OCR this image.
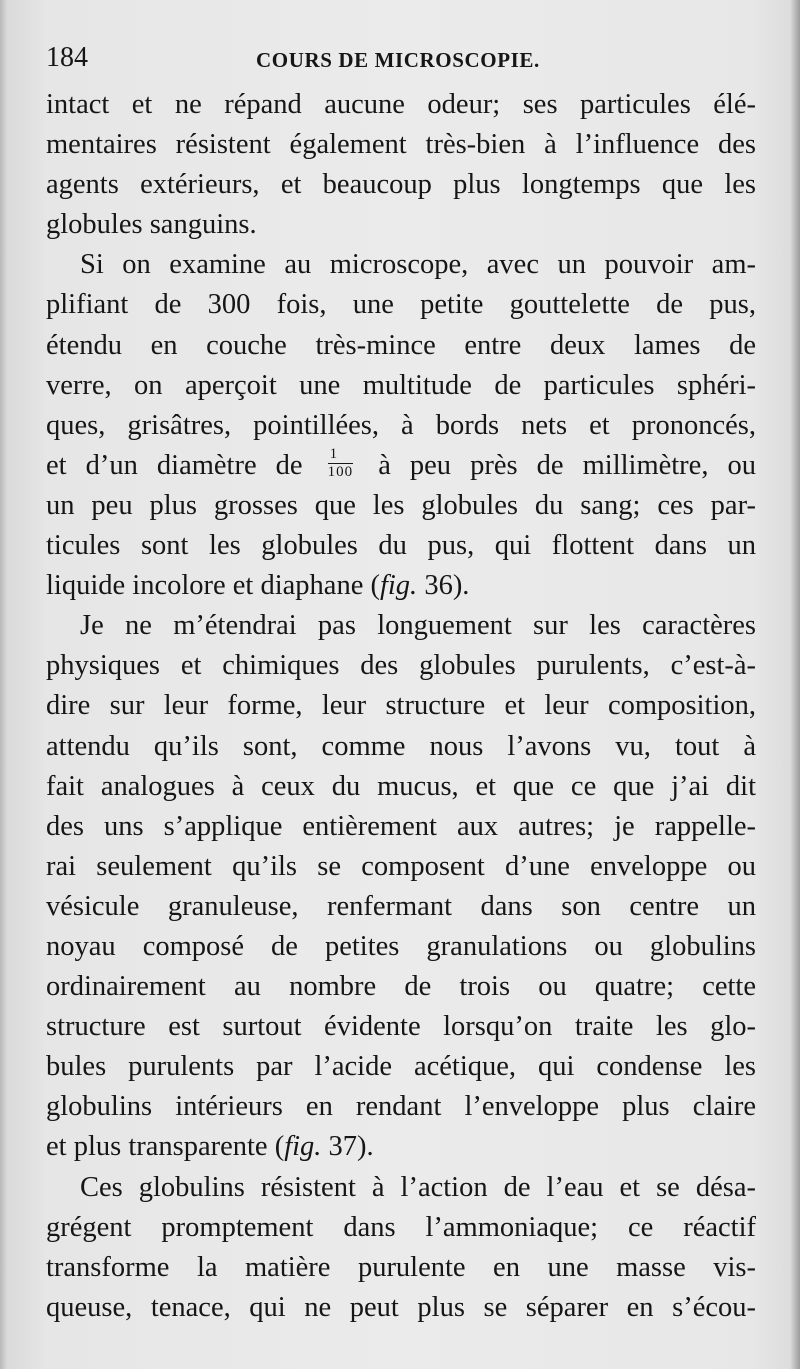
184	COURS DE MICROSCOPIE.
intact et ne répand aucune odeur; ses particules élé-
mentaires résistent également très-bien à l’influence des
agents extérieurs, et beaucoup plus longtemps que les
globules sanguins.
Si on examine au microscope, avec un pouvoir am-
plifiant de 300 fois, une petite gouttelette de pus,
étendu en couche très-mince entre deux lames de
verre, on aperçoit une multitude de particules sphéri-
ques, grisâtres, pointillées, à bords nets et prononcés,
et d’un diamètre de $\frac{1}{100}$ à peu près de millimètre, ou
un peu plus grosses que les globules du sang; ces par-
ticules sont les globules du pus, qui flottent dans un
liquide incolore et diaphane (fig. 36).
Je ne m’étendrai pas longuement sur les caractères
physiques et chimiques des globules purulents, c’est-à-
dire sur leur forme, leur structure et leur composition,
attendu qu’ils sont, comme nous l’avons vu, tout à
fait analogues à ceux du mucus, et que ce que j’ai dit
des uns s’applique entièrement aux autres; je rappelle-
rai seulement qu’ils se composent d’une enveloppe ou
vésicule granuleuse, renfermant dans son centre un
noyau composé de petites granulations ou globulins
ordinairement au nombre de trois ou quatre; cette
structure est surtout évidente lorsqu’on traite les glo-
bules purulents par l’acide acétique, qui condense les
globulins intérieurs en rendant l’enveloppe plus claire
et plus transparente (fig. 37).
Ces globulins résistent à l’action de l’eau et se désa-
grégent promptement dans l’ammoniaque; ce réactif
transforme la matière purulente en une masse vis-
queuse, tenace, qui ne peut plus se séparer en s’écou-
